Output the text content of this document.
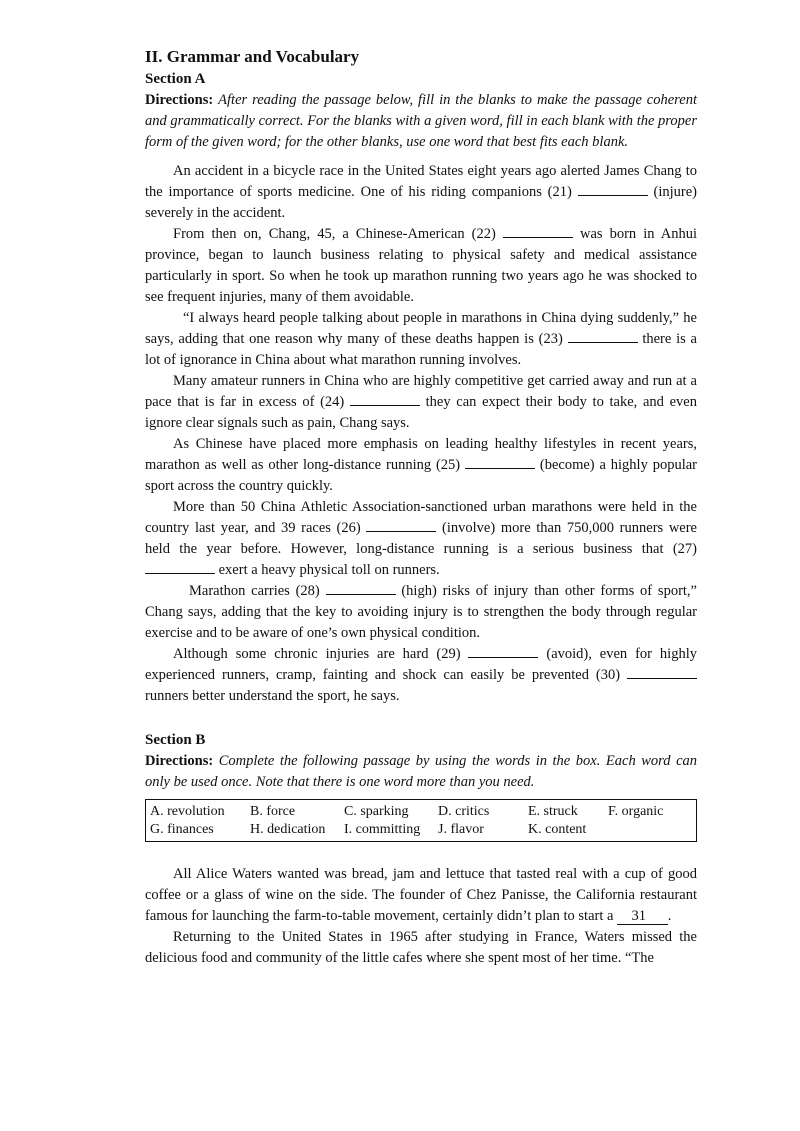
II. Grammar and Vocabulary

Section A

Directions: After reading the passage below, fill in the blanks to make the passage coherent and grammatically correct. For the blanks with a given word, fill in each blank with the proper form of the given word; for the other blanks, use one word that best fits each blank.

An accident in a bicycle race in the United States eight years ago alerted James Chang to the importance of sports medicine. One of his riding companions (21)	(injure) severely in the accident.

From then on, Chang, 45, a Chinese-American (22)	was born in Anhui province, began to launch business relating to physical safety and medical assistance particularly in sport. So when he took up marathon running two years ago he was shocked to see frequent injuries, many of them avoidable.

“I always heard people talking about people in marathons in China dying suddenly,” he says, adding that one reason why many of these deaths happen is (23)	there is a lot of ignorance in China about what marathon running involves.

Many amateur runners in China who are highly competitive get carried away and run at a pace that is far in excess of (24)	they can expect their body to take, and even ignore clear signals such as pain, Chang says.

As Chinese have placed more emphasis on leading healthy lifestyles in recent years, marathon as well as other long-distance running (25)	(become) a highly popular sport across the country quickly.

More than 50 China Athletic Association-sanctioned urban marathons were held in the country last year, and 39 races (26)	(involve) more than 750,000 runners were held the year before. However, long-distance running is a serious business that (27)  exert a heavy physical toll on runners.

Marathon carries (28)	(high) risks of injury than other forms of sport,” Chang says, adding that the key to avoiding injury is to strengthen the body through regular exercise and to be aware of one’s own physical condition.

Although some chronic injuries are hard (29)	(avoid), even for highly experienced runners, cramp, fainting and shock can easily be prevented (30)  runners better understand the sport, he says.

Section B

Directions: Complete the following passage by using the words in the box. Each word can only be used once. Note that there is one word more than you need.

A. revolution	B. force	C. sparking	D. critics	E. struck	F. organic
G. finances	H. dedication	I. committing	J. flavor	K. content

All Alice Waters wanted was bread, jam and lettuce that tasted real with a cup of good coffee or a glass of wine on the side. The founder of Chez Panisse, the California restaurant famous for launching the farm-to-table movement, certainly didn’t plan to start a     31 .

Returning to the United States in 1965 after studying in France, Waters missed the delicious food and community of the little cafes where she spent most of her time. “The
